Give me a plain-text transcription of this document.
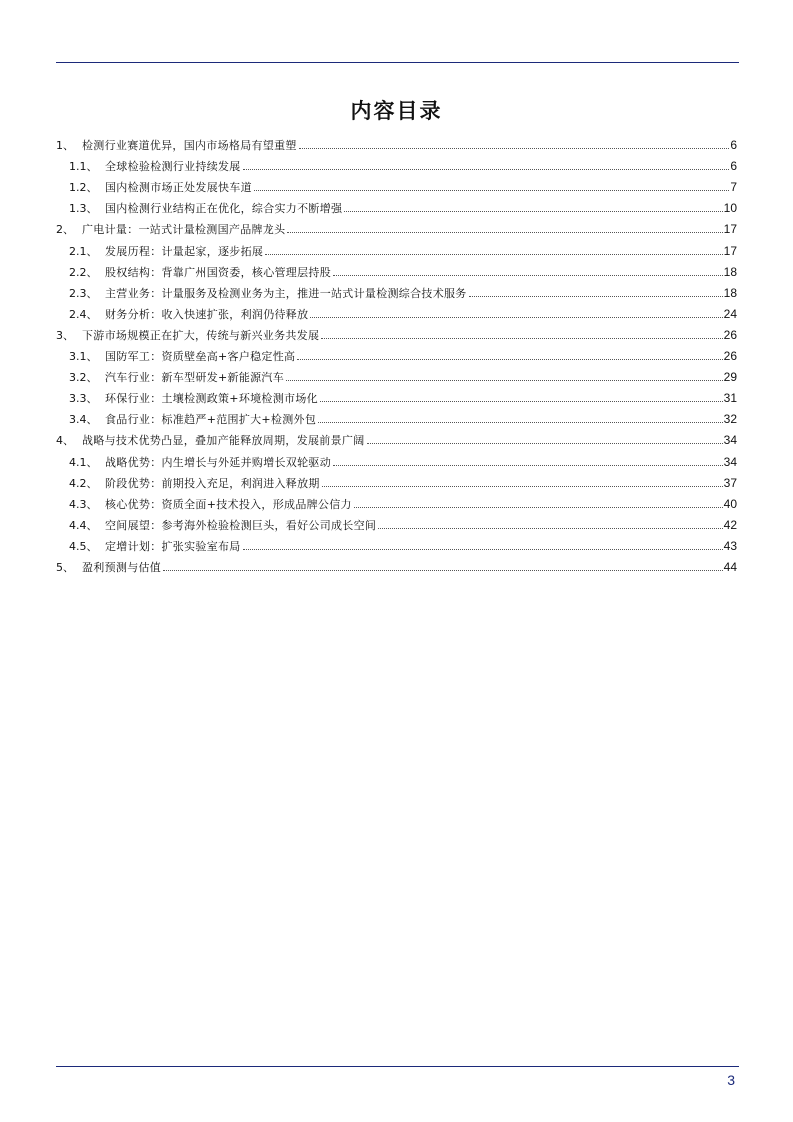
内容目录
1、 检测行业赛道优异，国内市场格局有望重塑	6
1.1、 全球检验检测行业持续发展	6
1.2、 国内检测市场正处发展快车道	7
1.3、 国内检测行业结构正在优化，综合实力不断增强	10
2、 广电计量：一站式计量检测国产品牌龙头	17
2.1、 发展历程：计量起家，逐步拓展	17
2.2、 股权结构：背靠广州国资委，核心管理层持股	18
2.3、 主营业务：计量服务及检测业务为主，推进一站式计量检测综合技术服务	18
2.4、 财务分析：收入快速扩张，利润仍待释放	24
3、 下游市场规模正在扩大，传统与新兴业务共发展	26
3.1、 国防军工：资质壁垒高+客户稳定性高	26
3.2、 汽车行业：新车型研发+新能源汽车	29
3.3、 环保行业：土壤检测政策+环境检测市场化	31
3.4、 食品行业：标准趋严+范围扩大+检测外包	32
4、 战略与技术优势凸显，叠加产能释放周期，发展前景广阔	34
4.1、 战略优势：内生增长与外延并购增长双轮驱动	34
4.2、 阶段优势：前期投入充足，利润进入释放期	37
4.3、 核心优势：资质全面+技术投入，形成品牌公信力	40
4.4、 空间展望：参考海外检验检测巨头，看好公司成长空间	42
4.5、 定增计划：扩张实验室布局	43
5、 盈利预测与估值	44
3
